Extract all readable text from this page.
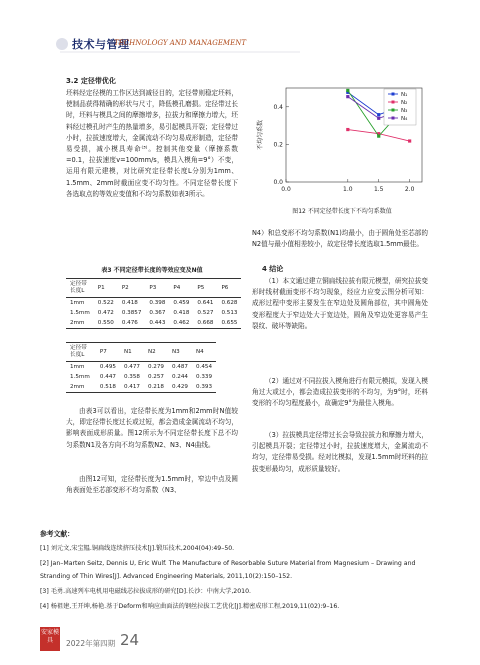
技术与管理
TECHNOLOGY AND MANAGEMENT
3.2 定径带优化
坯料经定径模的工作区达到减径目的，定径带则稳定坯料，使制品获得精确的形状与尺寸，降低模孔磨损。定径带过长时，坯料与模具之间的摩擦增多，拉拔力和摩擦力增大，坯料经过模孔时产生的热量增多，易引起模具开裂；定径带过小时，拉拔速度增大，金属流动不均匀易成形制造，定径带易受损，减小模具寿命⁽³⁾。控制其他变量（摩擦系数=0.1，拉拔速度v=100mm/s，模具入模角=9°）不变，运用有限元建模，对比研究定径带长度L分别为1mm、1.5mm、2mm时截面应变不均匀性。不同定径带长度下各选取点的等效应变值和不均匀系数如表3所示。
表3 不同定径带长度的等效应变及N值
定径带长度L	P1	P2	P3	P4	P5	P6
1mm	0.522	0.418	0.398	0.459	0.641	0.628
1.5mm	0.472	0.3857	0.367	0.418	0.527	0.513
2mm	0.550	0.476	0.443	0.462	0.668	0.655
定径带长度L	P7	N1	N2	N3	N4
1mm	0.495	0.477	0.279	0.487	0.454
1.5mm	0.447	0.358	0.257	0.244	0.339
2mm	0.518	0.417	0.218	0.429	0.393
由表3可以看出，定径带长度为1mm和2mm时N值较大，即定径带长度过长或过短，都会造成金属流动不均匀，影响表面成形质量。图12所示为不同定径带长度下总不均匀系数N1及各方向不均匀系数N2、N3、N4曲线。
由图12可知，定径带长度为1.5mm时，窄边中点及圆角表面处至芯部变形不均匀系数（N3、
0.0
0.2
0.4
0.0	1.0	1.5	2.0
不均匀系数
N₁
N₂
N₃
N₄
图12 不同定径带长度下不均匀系数值
N4）和总变形不均匀系数(N1)均最小，由于圆角处至芯部的N2值与最小值相差较小，故定径带长度选取1.5mm最佳。
4 结论
（1）本文通过建立铜扁线拉拔有限元模型，研究拉拔变形时线材截面变形不均匀现象，经应力应变云图分析可知：成形过程中变形主要发生在窄边处及圆角部位，其中圆角处变形程度大于窄边处大于宽边处，圆角及窄边处更容易产生裂纹、破坏等缺陷。
（2）通过对不同拉拔入模角进行有限元模拟，发现入模角过大或过小，都会造成拉拔变形的不均匀，为9°时，坯料变形的不均匀程度最小，故确定9°为最佳入模角。
（3）拉拔模具定径带过长会导致拉拔力和摩擦力增大，引起模具开裂；定径带过小时，拉拔速度增大，金属流动不均匀，定径带易受损。经对比模拟，发现1.5mm时坯料的拉拔变形最均匀，成形质量较好。
参考文献：
[1] 刘元文,宋宝韫.铜扁线连续挤压技术[J].锻压技术,2004(04):49–50.
[2] Jan–Marten Seitz, Dennis U, Eric Wulf. The Manufacture of Resorbable Suture Material from Magnesium – Drawing and Stranding of Thin Wires[J]. Advanced Engineering Materials, 2011,10(2):150–152.
[3] 毛勇.高速列车电机用电磁线芯拉拔成形的研究[D].长沙：中南大学,2010.
[4] 杨祖建,王开坤,杨艳.基于Deform和响应曲面法的钢丝拉拔工艺优化[J].精密成形工程,2019,11(02):9–16.
安家模具	2022年第四期 24
